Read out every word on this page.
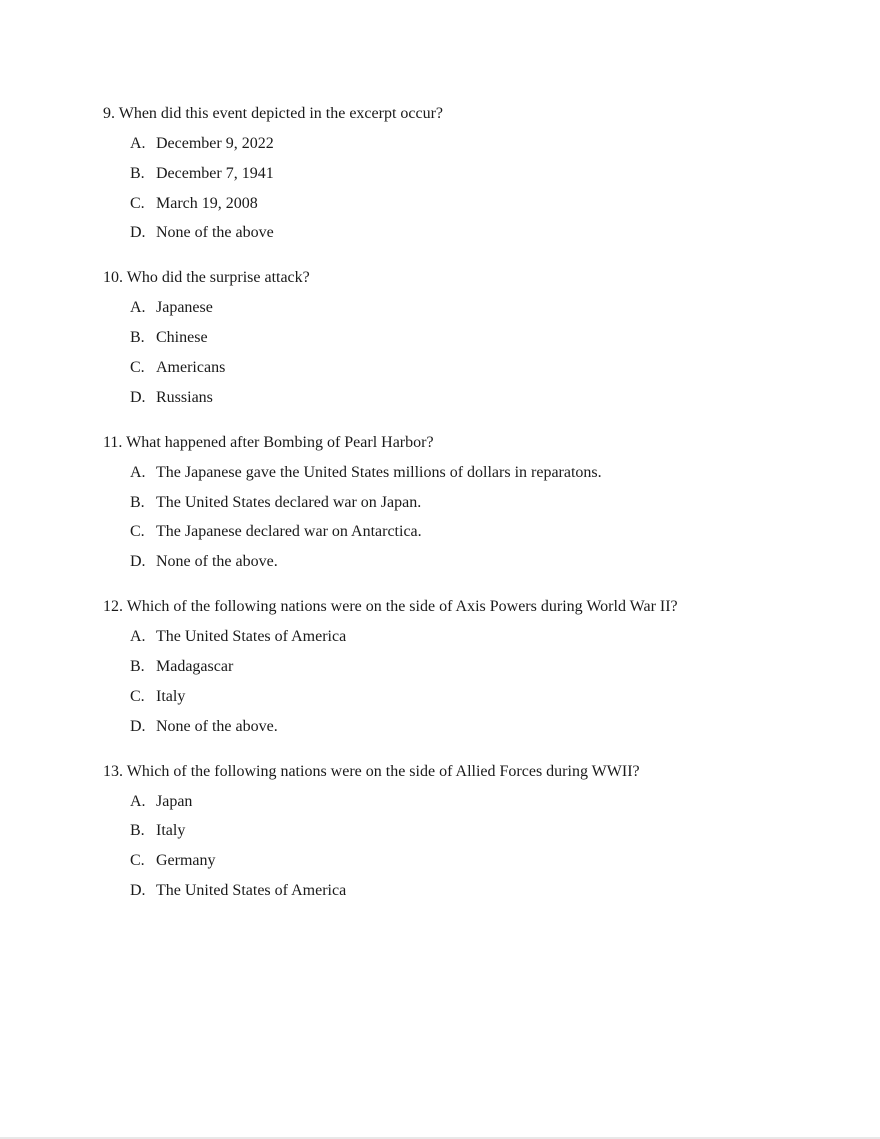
9. When did this event depicted in the excerpt occur?
A. December 9, 2022
B. December 7, 1941
C. March 19, 2008
D. None of the above
10. Who did the surprise attack?
A. Japanese
B. Chinese
C. Americans
D. Russians
11. What happened after Bombing of Pearl Harbor?
A. The Japanese gave the United States millions of dollars in reparatons.
B. The United States declared war on Japan.
C. The Japanese declared war on Antarctica.
D. None of the above.
12. Which of the following nations were on the side of Axis Powers during World War II?
A. The United States of America
B. Madagascar
C. Italy
D. None of the above.
13. Which of the following nations were on the side of Allied Forces during WWII?
A. Japan
B. Italy
C. Germany
D. The United States of America
